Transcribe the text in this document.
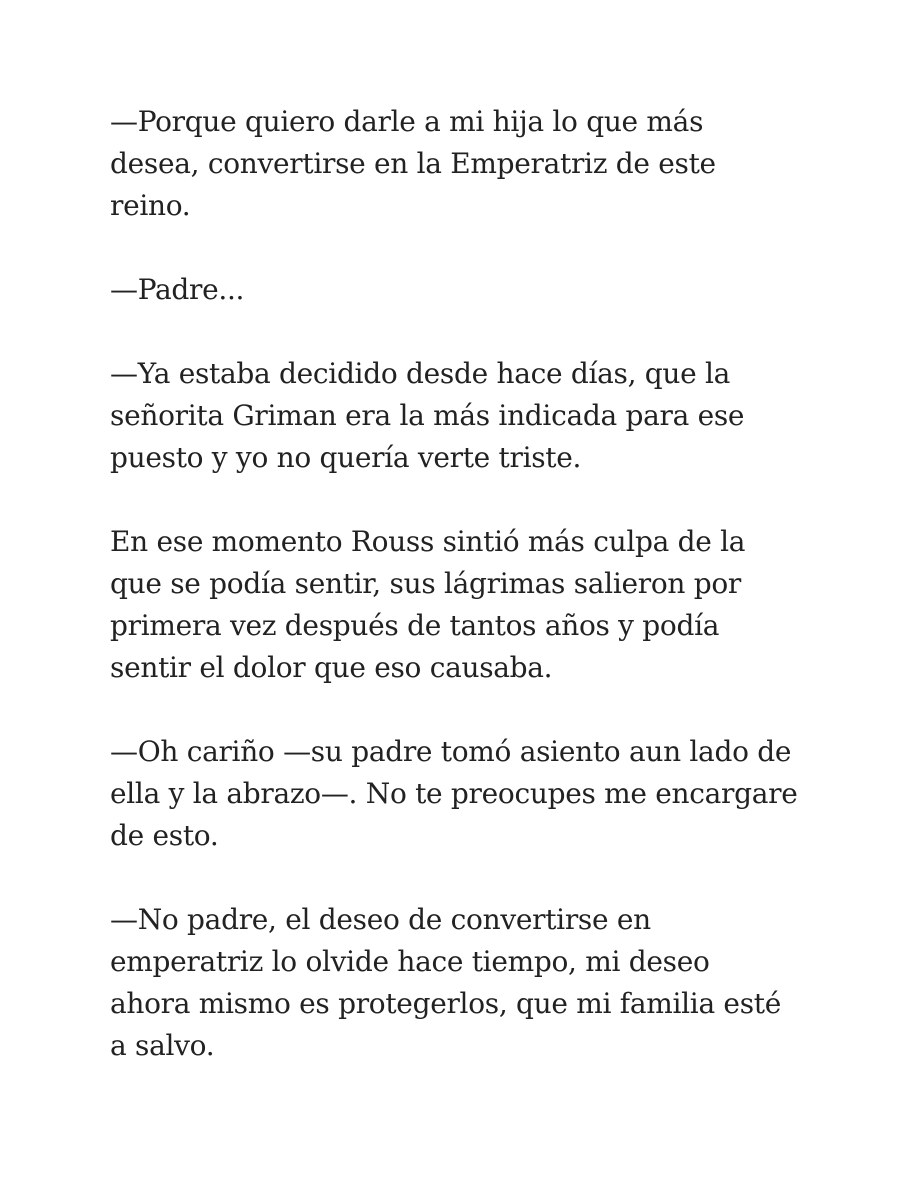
—Porque quiero darle a mi hija lo que más
desea, convertirse en la Emperatriz de este
reino.

—Padre...

—Ya estaba decidido desde hace días, que la
señorita Griman era la más indicada para ese
puesto y yo no quería verte triste.

En ese momento Rouss sintió más culpa de la
que se podía sentir, sus lágrimas salieron por
primera vez después de tantos años y podía
sentir el dolor que eso causaba.

—Oh cariño —su padre tomó asiento aun lado de
ella y la abrazo—. No te preocupes me encargare
de esto.

—No padre, el deseo de convertirse en
emperatriz lo olvide hace tiempo, mi deseo
ahora mismo es protegerlos, que mi familia esté
a salvo.
